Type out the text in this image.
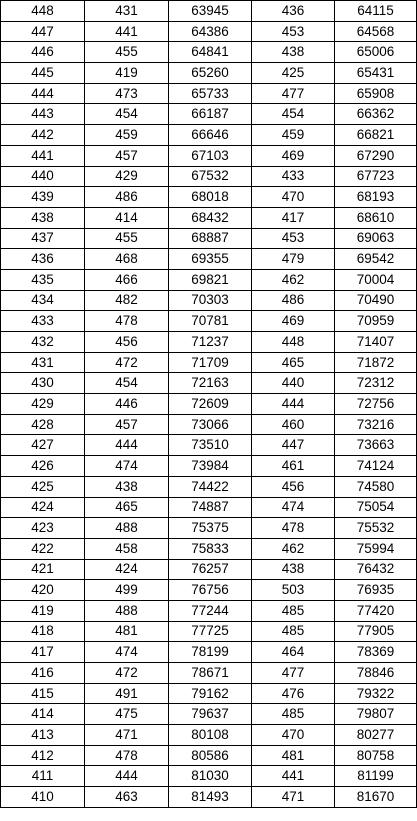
448	431	63945	436	64115
447	441	64386	453	64568
446	455	64841	438	65006
445	419	65260	425	65431
444	473	65733	477	65908
443	454	66187	454	66362
442	459	66646	459	66821
441	457	67103	469	67290
440	429	67532	433	67723
439	486	68018	470	68193
438	414	68432	417	68610
437	455	68887	453	69063
436	468	69355	479	69542
435	466	69821	462	70004
434	482	70303	486	70490
433	478	70781	469	70959
432	456	71237	448	71407
431	472	71709	465	71872
430	454	72163	440	72312
429	446	72609	444	72756
428	457	73066	460	73216
427	444	73510	447	73663
426	474	73984	461	74124
425	438	74422	456	74580
424	465	74887	474	75054
423	488	75375	478	75532
422	458	75833	462	75994
421	424	76257	438	76432
420	499	76756	503	76935
419	488	77244	485	77420
418	481	77725	485	77905
417	474	78199	464	78369
416	472	78671	477	78846
415	491	79162	476	79322
414	475	79637	485	79807
413	471	80108	470	80277
412	478	80586	481	80758
411	444	81030	441	81199
410	463	81493	471	81670
